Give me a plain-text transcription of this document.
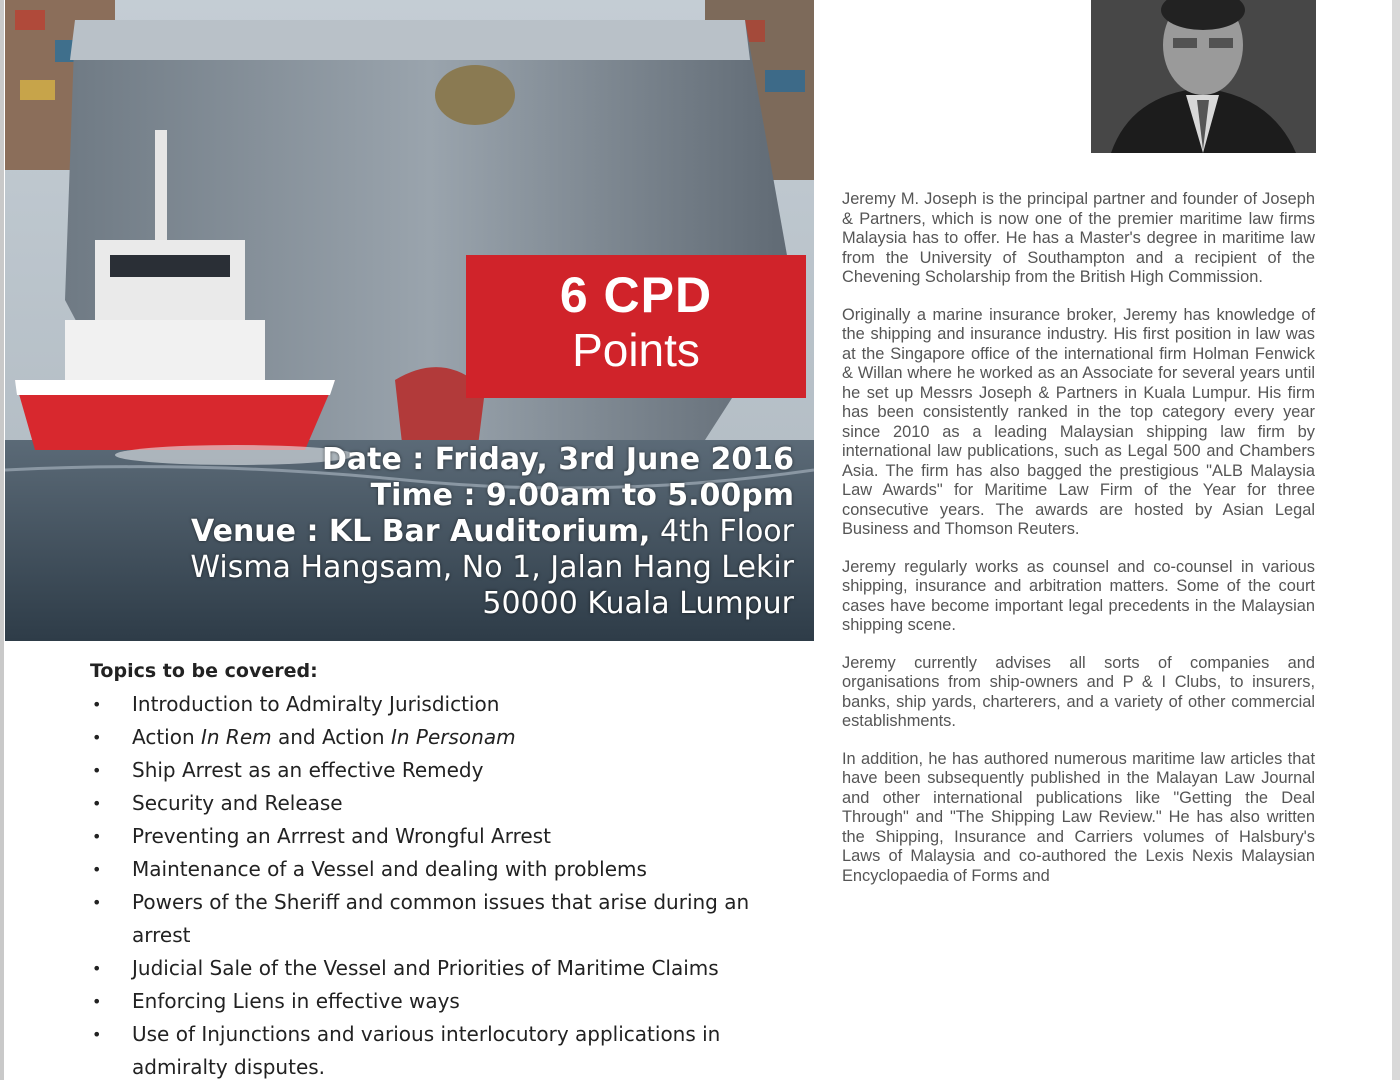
6 CPD
Points
Date : Friday, 3rd June 2016
Time : 9.00am to 5.00pm
Venue : KL Bar Auditorium, 4th Floor
Wisma Hangsam, No 1, Jalan Hang Lekir
50000 Kuala Lumpur
Topics to be covered:
• Introduction to Admiralty Jurisdiction
• Action In Rem and Action In Personam
• Ship Arrest as an effective Remedy
• Security and Release
• Preventing an Arrrest and Wrongful Arrest
• Maintenance of a Vessel and dealing with problems
• Powers of the Sheriff and common issues that arise during an arrest
• Judicial Sale of the Vessel and Priorities of Maritime Claims
• Enforcing Liens in effective ways
• Use of Injunctions and various interlocutory applications in admiralty disputes.

Jeremy M. Joseph is the principal partner and founder of Joseph & Partners, which is now one of the premier maritime law firms Malaysia has to offer. He has a Master's degree in maritime law from the University of Southampton and a recipient of the Chevening Scholarship from the British High Commission.

Originally a marine insurance broker, Jeremy has knowledge of the shipping and insurance industry. His first position in law was at the Singapore office of the international firm Holman Fenwick & Willan where he worked as an Associate for several years until he set up Messrs Joseph & Partners in Kuala Lumpur. His firm has been consistently ranked in the top category every year since 2010 as a leading Malaysian shipping law firm by international law publications, such as Legal 500 and Chambers Asia. The firm has also bagged the prestigious "ALB Malaysia Law Awards" for Maritime Law Firm of the Year for three consecutive years. The awards are hosted by Asian Legal Business and Thomson Reuters.

Jeremy regularly works as counsel and co-counsel in various shipping, insurance and arbitration matters. Some of the court cases have become important legal precedents in the Malaysian shipping scene.

Jeremy currently advises all sorts of companies and organisations from ship-owners and P & I Clubs, to insurers, banks, ship yards, charterers, and a variety of other commercial establishments.

In addition, he has authored numerous maritime law articles that have been subsequently published in the Malayan Law Journal and other international publications like "Getting the Deal Through" and "The Shipping Law Review." He has also written the Shipping, Insurance and Carriers volumes of Halsbury's Laws of Malaysia and co-authored the Lexis Nexis Malaysian Encyclopaedia of Forms and
